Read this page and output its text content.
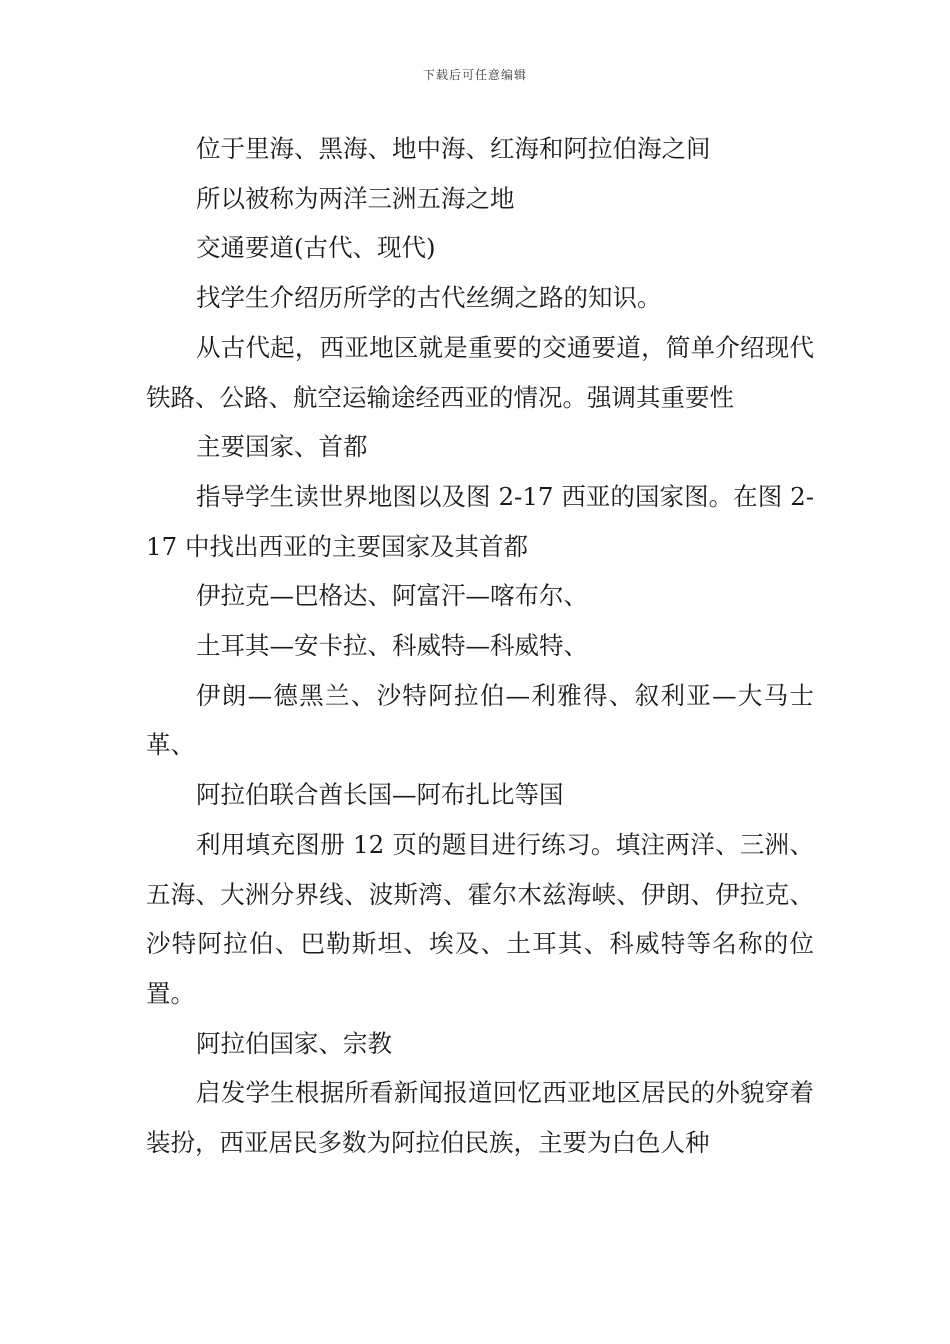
下载后可任意编辑

位于里海、黑海、地中海、红海和阿拉伯海之间

所以被称为两洋三洲五海之地

交通要道(古代、现代)

找学生介绍历所学的古代丝绸之路的知识。

从古代起，西亚地区就是重要的交通要道，简单介绍现代铁路、公路、航空运输途经西亚的情况。强调其重要性

主要国家、首都

指导学生读世界地图以及图 2-17 西亚的国家图。在图 2-17 中找出西亚的主要国家及其首都

伊拉克—巴格达、阿富汗—喀布尔、

土耳其—安卡拉、科威特—科威特、

伊朗—德黑兰、沙特阿拉伯—利雅得、叙利亚—大马士革、

阿拉伯联合酋长国—阿布扎比等国

利用填充图册 12 页的题目进行练习。填注两洋、三洲、五海、大洲分界线、波斯湾、霍尔木兹海峡、伊朗、伊拉克、沙特阿拉伯、巴勒斯坦、埃及、土耳其、科威特等名称的位置。

阿拉伯国家、宗教

启发学生根据所看新闻报道回忆西亚地区居民的外貌穿着装扮，西亚居民多数为阿拉伯民族，主要为白色人种
